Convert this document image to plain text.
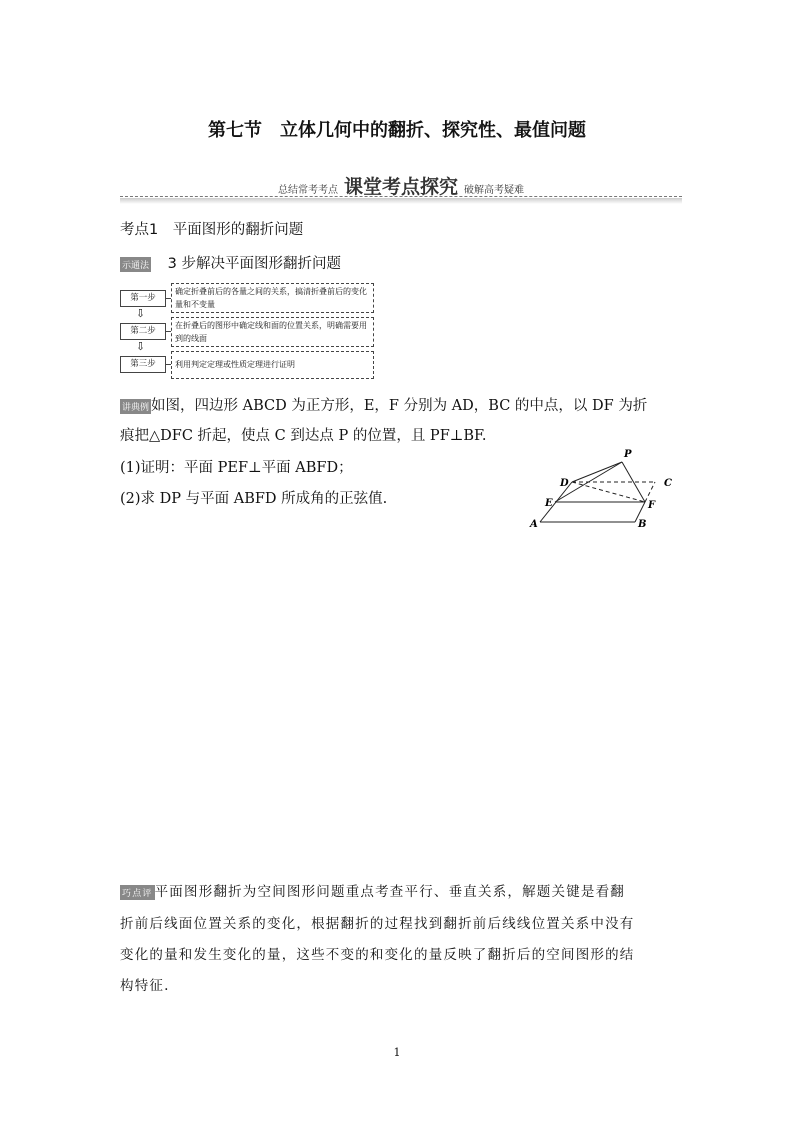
第七节　立体几何中的翻折、探究性、最值问题
总结常考考点 课堂考点探究 破解高考疑难
考点1　平面图形的翻折问题
示通法 3 步解决平面图形翻折问题
第一步
确定折叠前后的各量之间的关系，搞清折叠前后的变化量和不变量
⇩
第二步
在折叠后的图形中确定线和面的位置关系，明确需要用到的线面
⇩
第三步	利用判定定理或性质定理进行证明
讲典例 如图，四边形 ABCD 为正方形，E，F 分别为 AD，BC 的中点，以 DF 为折
痕把△DFC 折起，使点 C 到达点 P 的位置，且 PF⊥BF.
(1)证明：平面 PEF⊥平面 ABFD；
(2)求 DP 与平面 ABFD 所成角的正弦值.
P
D	C
E	F
A	B
巧点评 平面图形翻折为空间图形问题重点考查平行、垂直关系，解题关键是看翻
折前后线面位置关系的变化，根据翻折的过程找到翻折前后线线位置关系中没有
变化的量和发生变化的量，这些不变的和变化的量反映了翻折后的空间图形的结
构特征.
1
